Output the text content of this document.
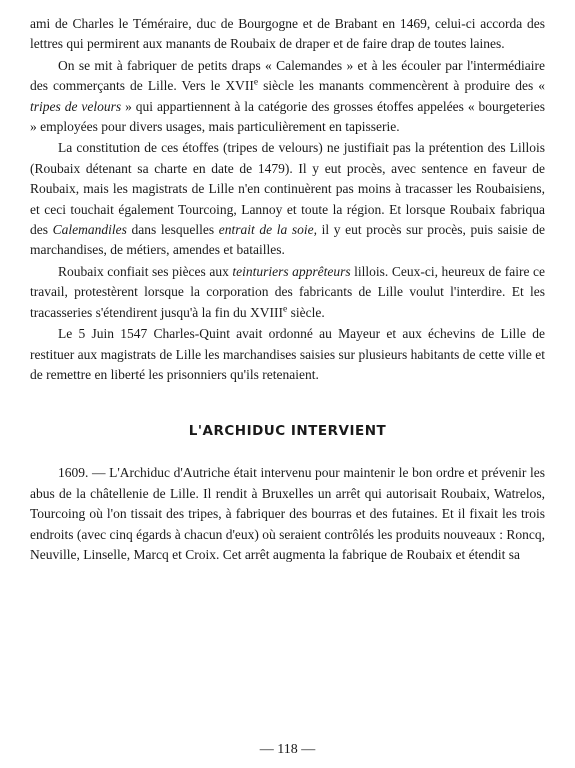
ami de Charles le Téméraire, duc de Bourgogne et de Brabant en 1469, celui-ci accorda des lettres qui permirent aux manants de Roubaix de draper et de faire drap de toutes laines.

On se mit à fabriquer de petits draps « Calemandes » et à les écouler par l'intermédiaire des commerçants de Lille. Vers le XVIIe siècle les manants commencèrent à produire des « tripes de velours » qui appartiennent à la catégorie des grosses étoffes appelées « bourgeteries » employées pour divers usages, mais particulièrement en tapisserie.

La constitution de ces étoffes (tripes de velours) ne justifiait pas la prétention des Lillois (Roubaix détenant sa charte en date de 1479). Il y eut procès, avec sentence en faveur de Roubaix, mais les magistrats de Lille n'en continuèrent pas moins à tracasser les Roubaisiens, et ceci touchait également Tourcoing, Lannoy et toute la région. Et lorsque Roubaix fabriqua des Calemandiles dans lesquelles entrait de la soie, il y eut procès sur procès, puis saisie de marchandises, de métiers, amendes et batailles.

Roubaix confiait ses pièces aux teinturiers apprêteurs lillois. Ceux-ci, heureux de faire ce travail, protestèrent lorsque la corporation des fabricants de Lille voulut l'interdire. Et les tracasseries s'étendirent jusqu'à la fin du XVIIIe siècle.

Le 5 Juin 1547 Charles-Quint avait ordonné au Mayeur et aux échevins de Lille de restituer aux magistrats de Lille les marchandises saisies sur plusieurs habitants de cette ville et de remettre en liberté les prisonniers qu'ils retenaient.

L'ARCHIDUC INTERVIENT

1609. — L'Archiduc d'Autriche était intervenu pour maintenir le bon ordre et prévenir les abus de la châtellenie de Lille. Il rendit à Bruxelles un arrêt qui autorisait Roubaix, Watrelos, Tourcoing où l'on tissait des tripes, à fabriquer des bourras et des futaines. Et il fixait les trois endroits (avec cinq égards à chacun d'eux) où seraient contrôlés les produits nouveaux : Roncq, Neuville, Linselle, Marcq et Croix. Cet arrêt augmenta la fabrique de Roubaix et étendit sa

— 118 —
